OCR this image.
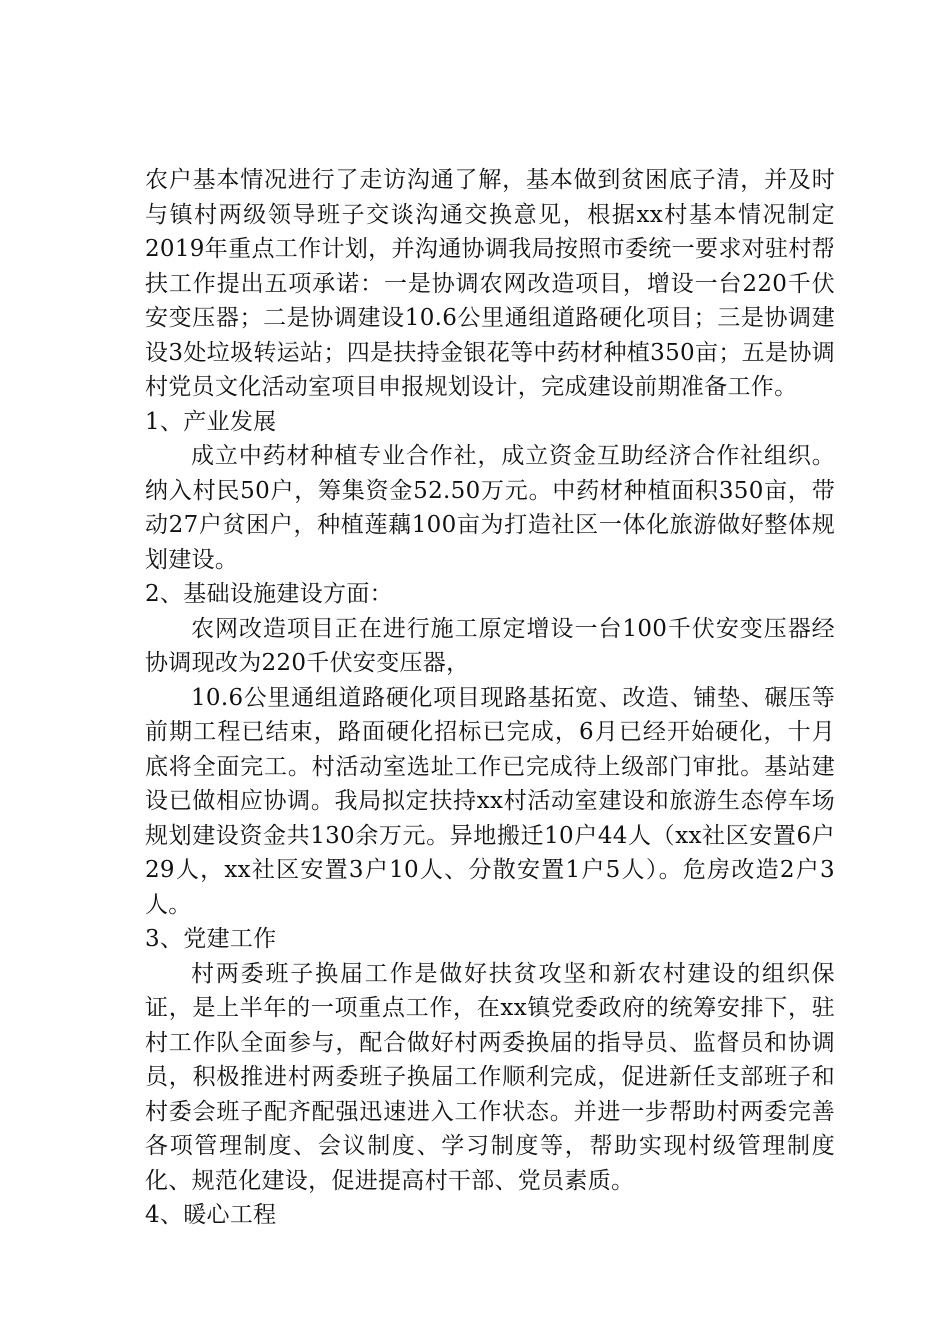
农户基本情况进行了走访沟通了解，基本做到贫困底子清，并及时与镇村两级领导班子交谈沟通交换意见，根据xx村基本情况制定2019年重点工作计划，并沟通协调我局按照市委统一要求对驻村帮扶工作提出五项承诺：一是协调农网改造项目，增设一台220千伏安变压器；二是协调建设10.6公里通组道路硬化项目；三是协调建设3处垃圾转运站；四是扶持金银花等中药材种植350亩；五是协调村党员文化活动室项目申报规划设计，完成建设前期准备工作。

1、产业发展

成立中药材种植专业合作社，成立资金互助经济合作社组织。纳入村民50户，筹集资金52.50万元。中药材种植面积350亩，带动27户贫困户，种植莲藕100亩为打造社区一体化旅游做好整体规划建设。

2、基础设施建设方面：

农网改造项目正在进行施工原定增设一台100千伏安变压器经协调现改为220千伏安变压器，

10.6公里通组道路硬化项目现路基拓宽、改造、铺垫、碾压等前期工程已结束，路面硬化招标已完成，6月已经开始硬化，十月底将全面完工。村活动室选址工作已完成待上级部门审批。基站建设已做相应协调。我局拟定扶持xx村活动室建设和旅游生态停车场规划建设资金共130余万元。异地搬迁10户44人（xx社区安置6户29人，xx社区安置3户10人、分散安置1户5人）。危房改造2户3人。

3、党建工作

村两委班子换届工作是做好扶贫攻坚和新农村建设的组织保证，是上半年的一项重点工作，在xx镇党委政府的统筹安排下，驻村工作队全面参与，配合做好村两委换届的指导员、监督员和协调员，积极推进村两委班子换届工作顺利完成，促进新任支部班子和村委会班子配齐配强迅速进入工作状态。并进一步帮助村两委完善各项管理制度、会议制度、学习制度等，帮助实现村级管理制度化、规范化建设，促进提高村干部、党员素质。

4、暖心工程
